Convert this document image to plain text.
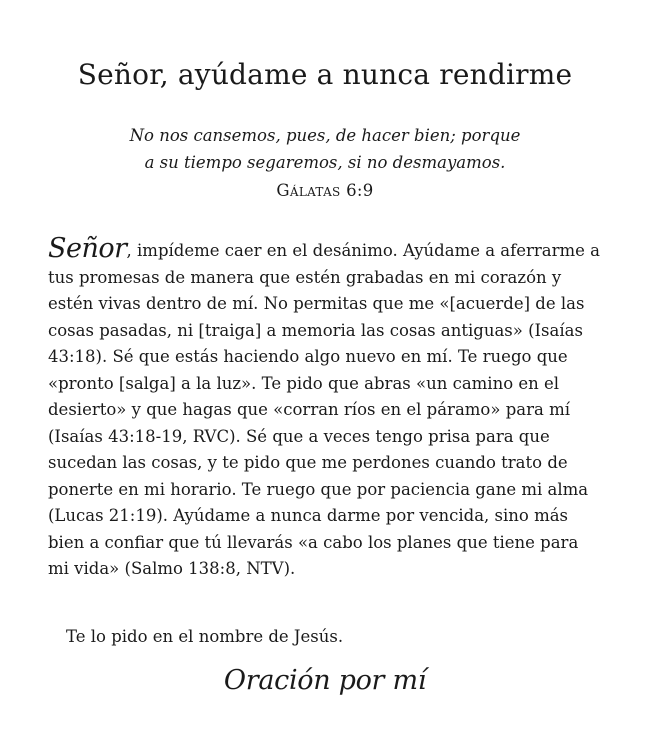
Señor, ayúdame a nunca rendirme
No nos cansemos, pues, de hacer bien; porque
a su tiempo segaremos, si no desmayamos.
Gálatas 6:9

Señor, impídeme caer en el desánimo. Ayúdame a aferrarme a tus promesas de manera que estén grabadas en mi corazón y estén vivas dentro de mí. No permitas que me «[acuerde] de las cosas pasadas, ni [traiga] a memoria las cosas antiguas» (Isaías 43:18). Sé que estás haciendo algo nuevo en mí. Te ruego que «pronto [salga] a la luz». Te pido que abras «un camino en el desierto» y que hagas que «corran ríos en el páramo» para mí (Isaías 43:18-19, RVC). Sé que a veces tengo prisa para que sucedan las cosas, y te pido que me perdones cuando trato de ponerte en mi horario. Te ruego que por paciencia gane mi alma (Lucas 21:19). Ayúdame a nunca darme por vencida, sino más bien a confiar que tú llevarás «a cabo los planes que tiene para mi vida» (Salmo 138:8, NTV).

Te lo pido en el nombre de Jesús.

Oración por mí
